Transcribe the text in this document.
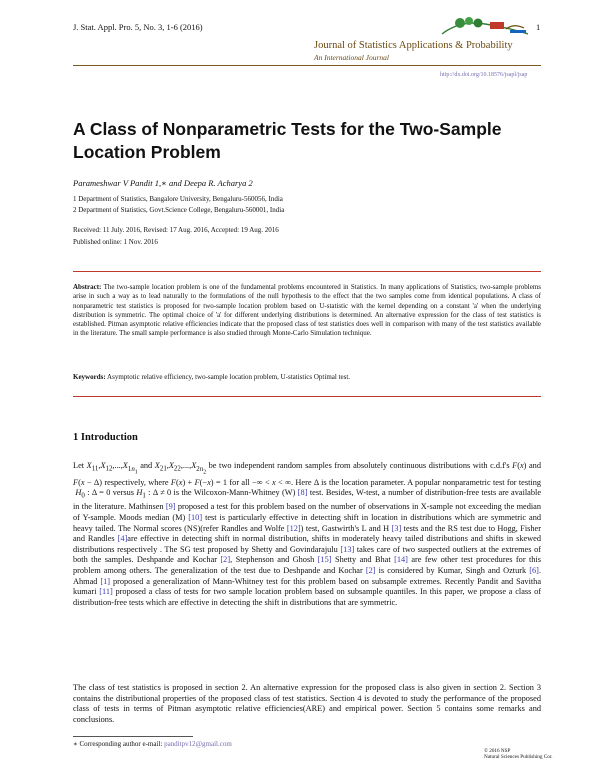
J. Stat. Appl. Pro. 5, No. 3, 1-6 (2016)	1
Journal of Statistics Applications & Probability
An International Journal
http://dx.doi.org/10.18576/jsapl/jsap
A Class of Nonparametric Tests for the Two-Sample Location Problem
Parameshwar V Pandit 1,∗ and Deepa R. Acharya 2
1 Department of Statistics, Bangalore University, Bengaluru-560056, India
2 Department of Statistics, Govt.Science College, Bengaluru-560001, India
Received: 11 July. 2016, Revised: 17 Aug. 2016, Accepted: 19 Aug. 2016
Published online: 1 Nov. 2016
Abstract: The two-sample location problem is one of the fundamental problems encountered in Statistics. In many applications of Statistics, two-sample problems arise in such a way as to lead naturally to the formulations of the null hypothesis to the effect that the two samples come from identical populations. A class of nonparametric test statistics is proposed for two-sample location problem based on U-statistic with the kernel depending on a constant 'a' when the underlying distribution is symmetric. The optimal choice of 'a' for different underlying distributions is determined. An alternative expression for the class of test statistics is established. Pitman asymptotic relative efficiencies indicate that the proposed class of test statistics does well in comparison with many of the test statistics available in the literature. The small sample performance is also studied through Monte-Carlo Simulation technique.
Keywords: Asymptotic relative efficiency, two-sample location problem, U-statistics Optimal test.
1 Introduction
Let $X_{11},X_{12},...,X_{1n_1}$ and $X_{21},X_{22},...,X_{2n_2}$ be two independent random samples from absolutely continuous distributions with c.d.f's F(x) and F(x − Δ) respectively, where F(x) + F(−x) = 1 for all −∞ < x < ∞. Here Δ is the location parameter. A popular nonparametric test for testing  $H_0$ : Δ = 0 versus $H_1$ : Δ ≠ 0 is the Wilcoxon-Mann-Whitney (W) [8] test. Besides, W-test, a number of distribution-free tests are available in the literature. Mathinsen [9] proposed a test for this problem based on the number of observations in X-sample not exceeding the median of Y-sample. Moods median (M) [10] test is particularly effective in detecting shift in location in distributions which are symmetric and heavy tailed. The Normal scores (NS)(refer Randles and Wolfe [12]) test, Gastwirth's L and H [3] tests and the RS test due to Hogg, Fisher and Randles [4]are effective in detecting shift in normal distribution, shifts in moderately heavy tailed distributions and shifts in skewed distributions respectively . The SG test proposed by Shetty and Govindarajulu [13] takes care of two suspected outliers at the extremes of both the samples. Deshpande and Kochar [2], Stephenson and Ghosh [15] Shetty and Bhat [14] are few other test procedures for this problem among others. The generalization of the test due to Deshpande and Kochar [2] is considered by Kumar, Singh and Ozturk [6]. Ahmad [1] proposed a generalization of Mann-Whitney test for this problem based on subsample extremes. Recently Pandit and Savitha kumari [11] proposed a class of tests for two sample location problem based on subsample quantiles. In this paper, we propose a class of distribution-free tests which are effective in detecting the shift in distributions that are symmetric.
The class of test statistics is proposed in section 2. An alternative expression for the proposed class is also given in section 2. Section 3 contains the distributional properties of the proposed class of test statistics. Section 4 is devoted to study the performance of the proposed class of tests in terms of Pitman asymptotic relative efficiencies(ARE) and empirical power. Section 5 contains some remarks and conclusions.
∗ Corresponding author e-mail: panditpv12@gmail.com
© 2016 NSP
Natural Sciences Publishing Cor.
